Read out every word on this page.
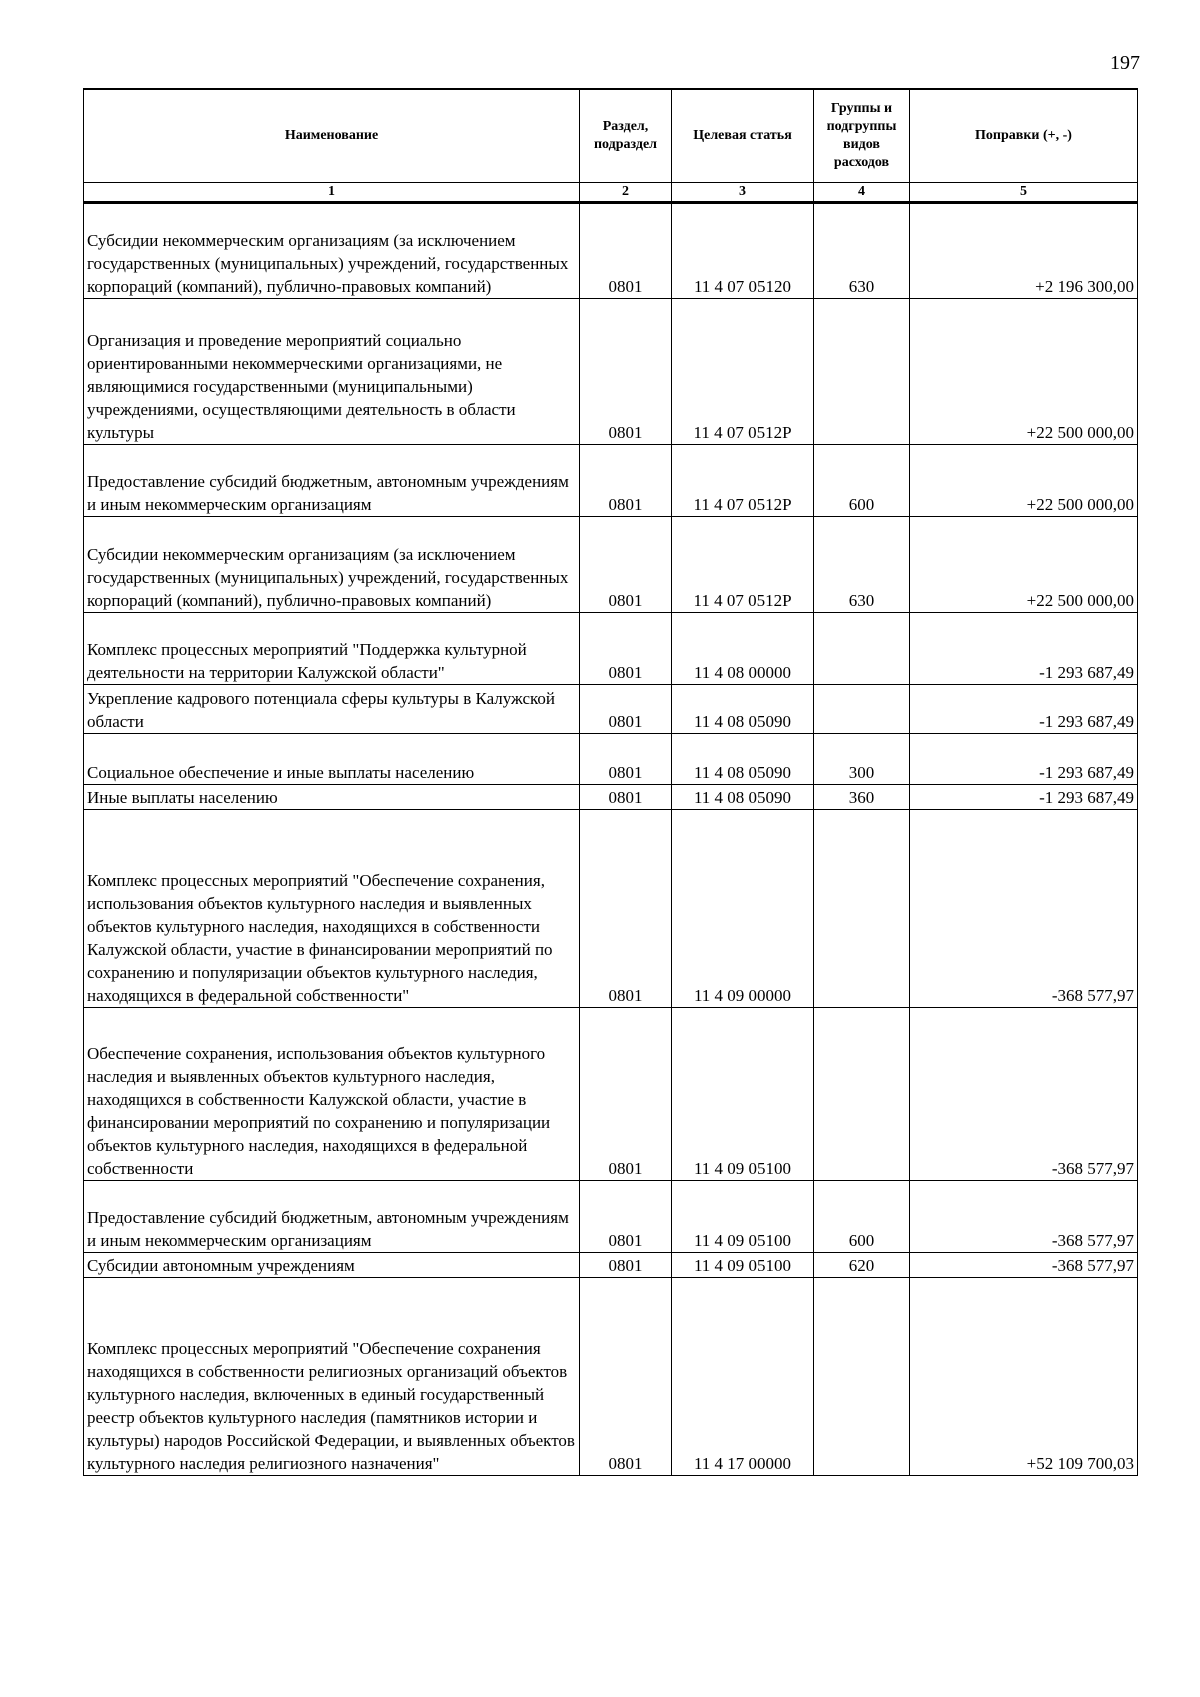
197
Наименование	Раздел, подраздел	Целевая статья	Группы и подгруппы видов расходов	Поправки (+, -)
1	2	3	4	5
Субсидии некоммерческим организациям (за исключением государственных (муниципальных) учреждений, государственных корпораций (компаний), публично-правовых компаний)	0801	11 4 07 05120	630	+2 196 300,00
Организация и проведение мероприятий социально ориентированными некоммерческими организациями, не являющимися государственными (муниципальными) учреждениями, осуществляющими деятельность в области культуры	0801	11 4 07 0512Р		+22 500 000,00
Предоставление субсидий бюджетным, автономным учреждениям и иным некоммерческим организациям	0801	11 4 07 0512Р	600	+22 500 000,00
Субсидии некоммерческим организациям (за исключением государственных (муниципальных) учреждений, государственных корпораций (компаний), публично-правовых компаний)	0801	11 4 07 0512Р	630	+22 500 000,00
Комплекс процессных мероприятий "Поддержка культурной деятельности на территории Калужской области"	0801	11 4 08 00000		-1 293 687,49
Укрепление кадрового потенциала сферы культуры в Калужской области	0801	11 4 08 05090		-1 293 687,49
Социальное обеспечение и иные выплаты населению	0801	11 4 08 05090	300	-1 293 687,49
Иные выплаты населению	0801	11 4 08 05090	360	-1 293 687,49
Комплекс процессных мероприятий "Обеспечение сохранения, использования объектов культурного наследия и выявленных объектов культурного наследия, находящихся в собственности Калужской области, участие в финансировании мероприятий по сохранению и популяризации объектов культурного наследия, находящихся в федеральной собственности"	0801	11 4 09 00000		-368 577,97
Обеспечение сохранения, использования объектов культурного наследия и выявленных объектов культурного наследия, находящихся в собственности Калужской области, участие в финансировании мероприятий по сохранению и популяризации объектов культурного наследия, находящихся в федеральной собственности	0801	11 4 09 05100		-368 577,97
Предоставление субсидий бюджетным, автономным учреждениям и иным некоммерческим организациям	0801	11 4 09 05100	600	-368 577,97
Субсидии автономным учреждениям	0801	11 4 09 05100	620	-368 577,97
Комплекс процессных мероприятий "Обеспечение сохранения находящихся в собственности религиозных организаций объектов культурного наследия, включенных в единый государственный реестр объектов культурного наследия (памятников истории и культуры) народов Российской Федерации, и выявленных объектов культурного наследия религиозного назначения"	0801	11 4 17 00000		+52 109 700,03
